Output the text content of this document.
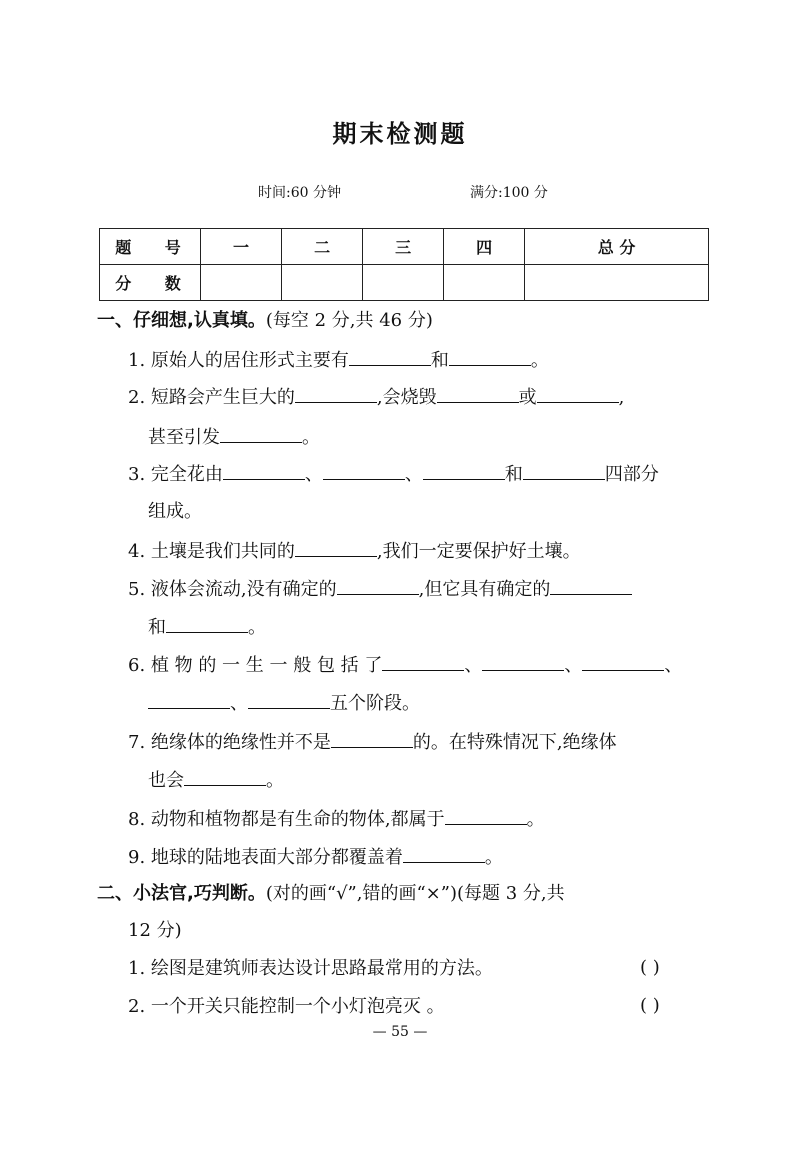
期末检测题
时间:60 分钟	满分:100 分
题 号	一	二	三	四	总 分
分 数					
一、仔细想,认真填。(每空 2 分,共 46 分)
1. 原始人的居住形式主要有	和	。
2. 短路会产生巨大的	,会烧毁	或	,
甚至引发	。
3. 完全花由	、	、	和	四部分
组成。
4. 土壤是我们共同的	,我们一定要保护好土壤。
5. 液体会流动,没有确定的	,但它具有确定的
和	。
6. 植 物 的 一 生 一 般 包 括 了	、	、	、
、	五个阶段。
7. 绝缘体的绝缘性并不是	的。在特殊情况下,绝缘体
也会	。
8. 动物和植物都是有生命的物体,都属于	。
9. 地球的陆地表面大部分都覆盖着	。
二、小法官,巧判断。(对的画“√”,错的画“×”)(每题 3 分,共
12 分)
1. 绘图是建筑师表达设计思路最常用的方法。	( )
2. 一个开关只能控制一个小灯泡亮灭 。	( )
— 55 —
